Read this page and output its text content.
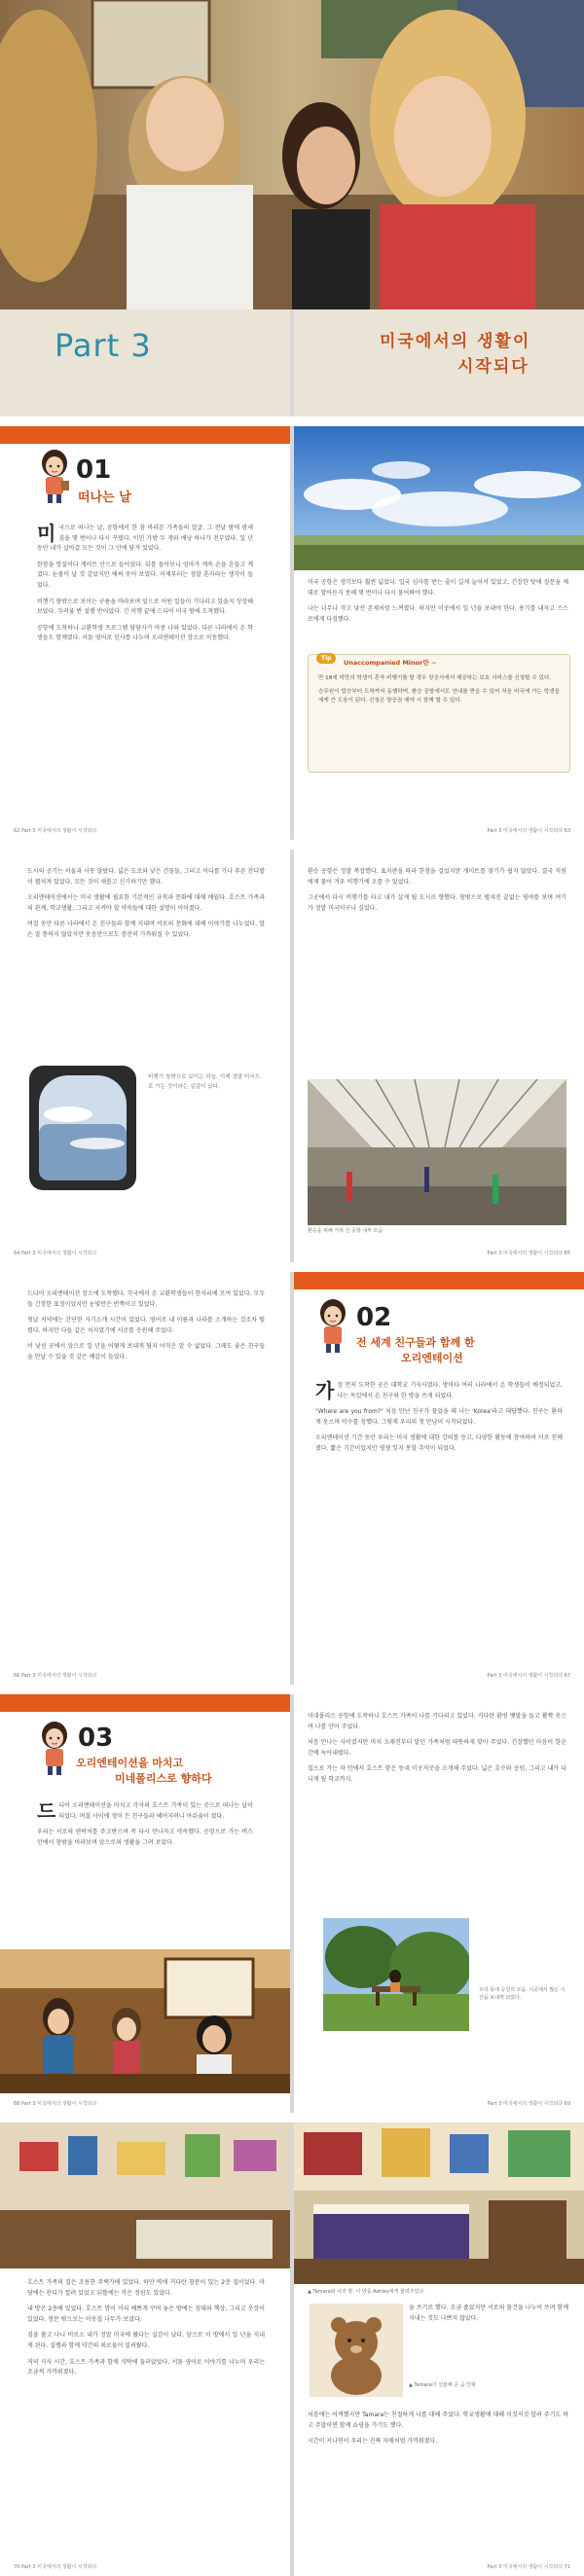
Part 3	미국에서의 생활이
시작되다
01
떠나는 날
미 국으로 떠나는 날, 공항에서 한 참 바라본 가족들의 얼굴. 그 전날 밤에 밤새 짐을 몇 번이나 다시 꾸렸다. 이민 가방 두 개와 배낭 하나가 전부였다. 일 년 동안 내가 살아갈 모든 것이 그 안에 담겨 있었다.

한참을 망설이다 게이트 안으로 들어섰다. 뒤를 돌아보니 엄마가 계속 손을 흔들고 계셨다. 눈물이 날 것 같았지만 애써 웃어 보였다. 이제부터는 정말 혼자라는 생각이 들었다.

비행기 창밖으로 보이는 구름을 바라보며 앞으로 어떤 일들이 기다리고 있을지 상상해 보았다. 두려움 반 설렘 반이었다. 긴 비행 끝에 드디어 미국 땅에 도착했다.

공항에 도착하니 교환학생 프로그램 담당자가 마중 나와 있었다. 다른 나라에서 온 학생들도 함께였다. 서툰 영어로 인사를 나누며 오리엔테이션 장소로 이동했다.

62 Part 3 미국에서의 생활이 시작되다

미국 공항은 생각보다 훨씬 넓었다. 입국 심사를 받는 줄이 길게 늘어서 있었고, 긴장한 탓에 질문을 제대로 알아듣지 못해 몇 번이나 다시 물어봐야 했다.

나는 너무나 작고 낯선 존재처럼 느껴졌다. 하지만 이곳에서 일 년을 보내야 한다. 용기를 내자고 스스로에게 다짐했다.

Tip
Unaccompanied Minor란 ~

만 18세 미만의 학생이 혼자 비행기를 탈 경우 항공사에서 제공하는 보호 서비스를 신청할 수 있다.

승무원이 탑승부터 도착까지 동행하며, 환승 공항에서도 안내를 받을 수 있어 처음 미국에 가는 학생들에게 큰 도움이 된다. 신청은 항공권 예약 시 함께 할 수 있다.

Part 3 미국에서의 생활이 시작되다 63

도시의 공기는 서울과 사뭇 달랐다. 넓은 도로와 낮은 건물들, 그리고 어디를 가나 푸른 잔디밭이 펼쳐져 있었다. 모든 것이 새롭고 신기하기만 했다.

오리엔테이션에서는 미국 생활에 필요한 기본적인 규칙과 문화에 대해 배웠다. 호스트 가족과의 관계, 학교생활, 그리고 지켜야 할 약속들에 대한 설명이 이어졌다.

며칠 동안 다른 나라에서 온 친구들과 함께 지내며 서로의 문화에 대해 이야기를 나누었다. 말은 잘 통하지 않았지만 웃음만으로도 충분히 가까워질 수 있었다.

비행기 창밖으로 보이는 하늘. 이제 정말 미국으로 가는 것이라는 실감이 났다.
64 Part 3 미국에서의 생활이 시작되다

환승 공항은 정말 복잡했다. 표지판을 따라 한참을 걸었지만 게이트를 찾기가 쉽지 않았다. 결국 직원에게 물어 겨우 비행기에 오를 수 있었다.

그곳에서 다시 비행기를 타고 내가 살게 될 도시로 향했다. 창밖으로 펼쳐진 끝없는 평야를 보며 여기가 정말 미국이구나 싶었다.

환승을 위해 거쳐 간 공항 내부 모습
Part 3 미국에서의 생활이 시작되다 65

드디어 오리엔테이션 장소에 도착했다. 각국에서 온 교환학생들이 한자리에 모여 있었다. 모두들 긴장한 표정이었지만 눈빛만은 반짝이고 있었다.

첫날 저녁에는 간단한 자기소개 시간이 있었다. 영어로 내 이름과 나라를 소개하는 것조차 떨렸다. 하지만 다들 같은 처지였기에 서로를 응원해 주었다.

이 낯선 곳에서 앞으로 일 년을 어떻게 보내게 될지 아직은 알 수 없었다. 그래도 좋은 친구들을 만날 수 있을 것 같은 예감이 들었다.

66 Part 3 미국에서의 생활이 시작되다
02
전 세계 친구들과 함께 한
오리엔테이션
가 장 먼저 도착한 곳은 대학교 기숙사였다. 방마다 여러 나라에서 온 학생들이 배정되었고, 나는 독일에서 온 친구와 한 방을 쓰게 되었다.

"Where are you from?" 처음 만난 친구가 물었을 때 나는 'Korea'라고 대답했다. 친구는 환하게 웃으며 악수를 청했다. 그렇게 우리의 첫 만남이 시작되었다.

오리엔테이션 기간 동안 우리는 미국 생활에 대한 강의를 듣고, 다양한 활동에 참여하며 서로 친해졌다. 짧은 기간이었지만 평생 잊지 못할 추억이 되었다.

Part 3 미국에서의 생활이 시작되다 67
03
오리엔테이션을 마치고
미네폴리스로 향하다
드 디어 오리엔테이션을 마치고 각자의 호스트 가족이 있는 곳으로 떠나는 날이 되었다. 며칠 사이에 정이 든 친구들과 헤어지려니 아쉬움이 컸다.

우리는 서로의 연락처를 주고받으며 꼭 다시 만나자고 약속했다. 공항으로 가는 버스 안에서 창밖을 바라보며 앞으로의 생활을 그려 보았다.

68 Part 3 미국에서의 생활이 시작되다

미네폴리스 공항에 도착하니 호스트 가족이 나를 기다리고 있었다. 커다란 환영 팻말을 들고 활짝 웃으며 나를 안아 주었다.

처음 만나는 사이였지만 마치 오래전부터 알던 가족처럼 따뜻하게 맞아 주었다. 긴장했던 마음이 한순간에 녹아내렸다.

집으로 가는 차 안에서 호스트 맘은 동네 이곳저곳을 소개해 주었다. 넓은 호수와 공원, 그리고 내가 다니게 될 학교까지.

우리 동네 공원의 모습. 이곳에서 많은 시간을 보내게 되었다.
Part 3 미국에서의 생활이 시작되다 69

호스트 가족의 집은 조용한 주택가에 있었다. 하얀 벽에 커다란 창문이 있는 2층 집이었다. 마당에는 잔디가 깔려 있었고 뒤뜰에는 작은 정원도 있었다.

내 방은 2층에 있었다. 호스트 맘이 미리 예쁘게 꾸며 놓은 방에는 침대와 책상, 그리고 옷장이 있었다. 창문 밖으로는 이웃집 나무가 보였다.

짐을 풀고 나니 비로소 내가 정말 미국에 왔다는 실감이 났다. 앞으로 이 방에서 일 년을 지내게 된다. 설렘과 함께 약간의 외로움이 밀려왔다.

저녁 식사 시간, 호스트 가족과 함께 식탁에 둘러앉았다. 서툰 영어로 이야기를 나누며 우리는 조금씩 가까워졌다.

70 Part 3 미국에서의 생활이 시작되다
▲ Tamara와 나의 방. 이 방을 Ashley에게 물려주었다.
▲ Tamara가 선물해 준 곰 인형

을 쓰기로 했다. 조금 좁았지만 서로의 물건을 나누어 쓰며 함께 지내는 것도 나쁘지 않았다.

처음에는 어색했지만 Tamara는 친절하게 나를 대해 주었다. 학교생활에 대해 이것저것 알려 주기도 하고 주말이면 함께 쇼핑을 가기도 했다.

시간이 지나면서 우리는 진짜 자매처럼 가까워졌다.

Part 3 미국에서의 생활이 시작되다 71
